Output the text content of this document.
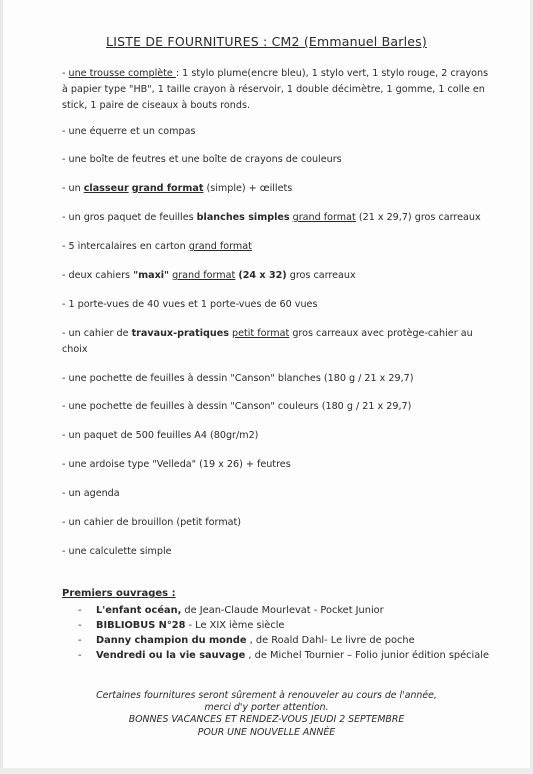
LISTE DE FOURNITURES : CM2 (Emmanuel Barles)
- une trousse complète : 1 stylo plume(encre bleu), 1 stylo vert, 1 stylo rouge, 2 crayons à papier type "HB", 1 taille crayon à réservoir, 1 double décimètre, 1 gomme, 1 colle en stick, 1 paire de ciseaux à bouts ronds.
- une équerre et un compas
- une boîte de feutres et une boîte de crayons de couleurs
- un classeur grand format (simple) + œillets
- un gros paquet de feuilles blanches simples grand format (21 x 29,7) gros carreaux
- 5 intercalaires en carton grand format
- deux cahiers "maxi" grand format (24 x 32) gros carreaux
- 1 porte-vues de 40 vues et 1 porte-vues de 60 vues
- un cahier de travaux-pratiques petit format gros carreaux avec protège-cahier au choix
- une pochette de feuilles à dessin "Canson" blanches (180 g / 21 x 29,7)
- une pochette de feuilles à dessin "Canson" couleurs (180 g / 21 x 29,7)
- un paquet de 500 feuilles A4 (80gr/m2)
- une ardoise type "Velleda" (19 x 26) + feutres
- un agenda
- un cahier de brouillon (petit format)
- une calculette simple
Premiers ouvrages :
- L'enfant océan, de Jean-Claude Mourlevat - Pocket Junior
- BIBLIOBUS N°28 - Le XIX ième siècle
- Danny champion du monde , de Roald Dahl- Le livre de poche
- Vendredi ou la vie sauvage , de Michel Tournier – Folio junior édition spéciale
Certaines fournitures seront sûrement à renouveler au cours de l'année,
merci d'y porter attention.
BONNES VACANCES ET RENDEZ-VOUS JEUDI 2 SEPTEMBRE
POUR UNE NOUVELLE ANNÉE
